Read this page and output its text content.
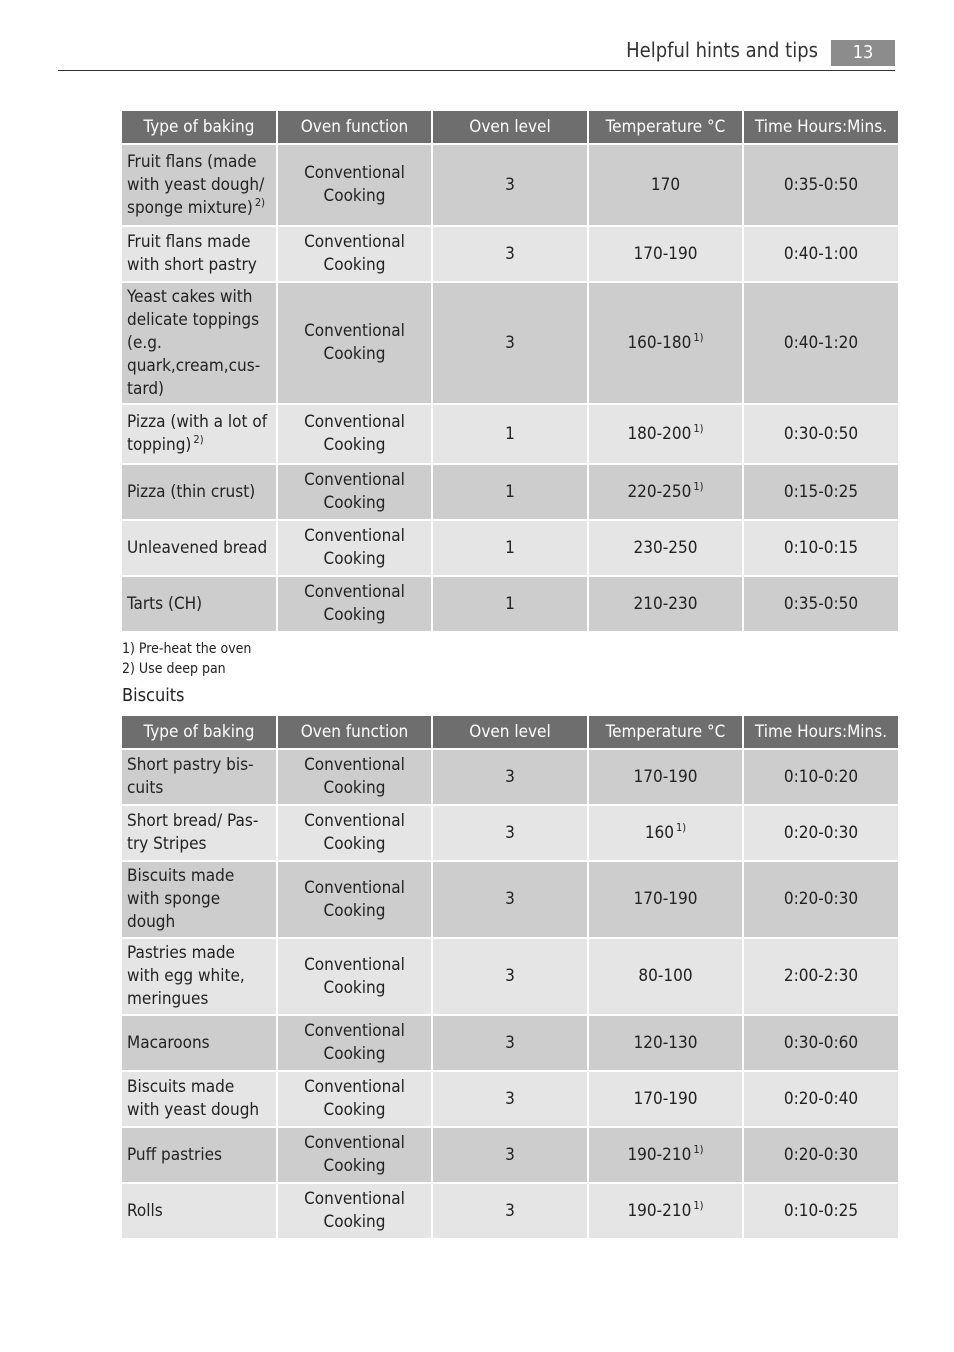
Helpful hints and tips	13
Type of baking	Oven function	Oven level	Temperature °C	Time Hours:Mins.
Fruit flans (made with yeast dough/ sponge mixture) $^{2)}$	Conventional Cooking	3	170	0:35-0:50
Fruit flans made with short pastry	Conventional Cooking	3	170-190	0:40-1:00
Yeast cakes with delicate toppings (e.g. quark,cream,cus-tard)	Conventional Cooking	3	160-180 $^{1)}$	0:40-1:20
Pizza (with a lot of topping) $^{2)}$	Conventional Cooking	1	180-200 $^{1)}$	0:30-0:50
Pizza (thin crust)	Conventional Cooking	1	220-250 $^{1)}$	0:15-0:25
Unleavened bread	Conventional Cooking	1	230-250	0:10-0:15
Tarts (CH)	Conventional Cooking	1	210-230	0:35-0:50
1) Pre-heat the oven
2) Use deep pan
Biscuits
Type of baking	Oven function	Oven level	Temperature °C	Time Hours:Mins.
Short pastry bis-cuits	Conventional Cooking	3	170-190	0:10-0:20
Short bread/ Pas-try Stripes	Conventional Cooking	3	160 $^{1)}$	0:20-0:30
Biscuits made with sponge dough	Conventional Cooking	3	170-190	0:20-0:30
Pastries made with egg white, meringues	Conventional Cooking	3	80-100	2:00-2:30
Macaroons	Conventional Cooking	3	120-130	0:30-0:60
Biscuits made with yeast dough	Conventional Cooking	3	170-190	0:20-0:40
Puff pastries	Conventional Cooking	3	190-210 $^{1)}$	0:20-0:30
Rolls	Conventional Cooking	3	190-210 $^{1)}$	0:10-0:25
